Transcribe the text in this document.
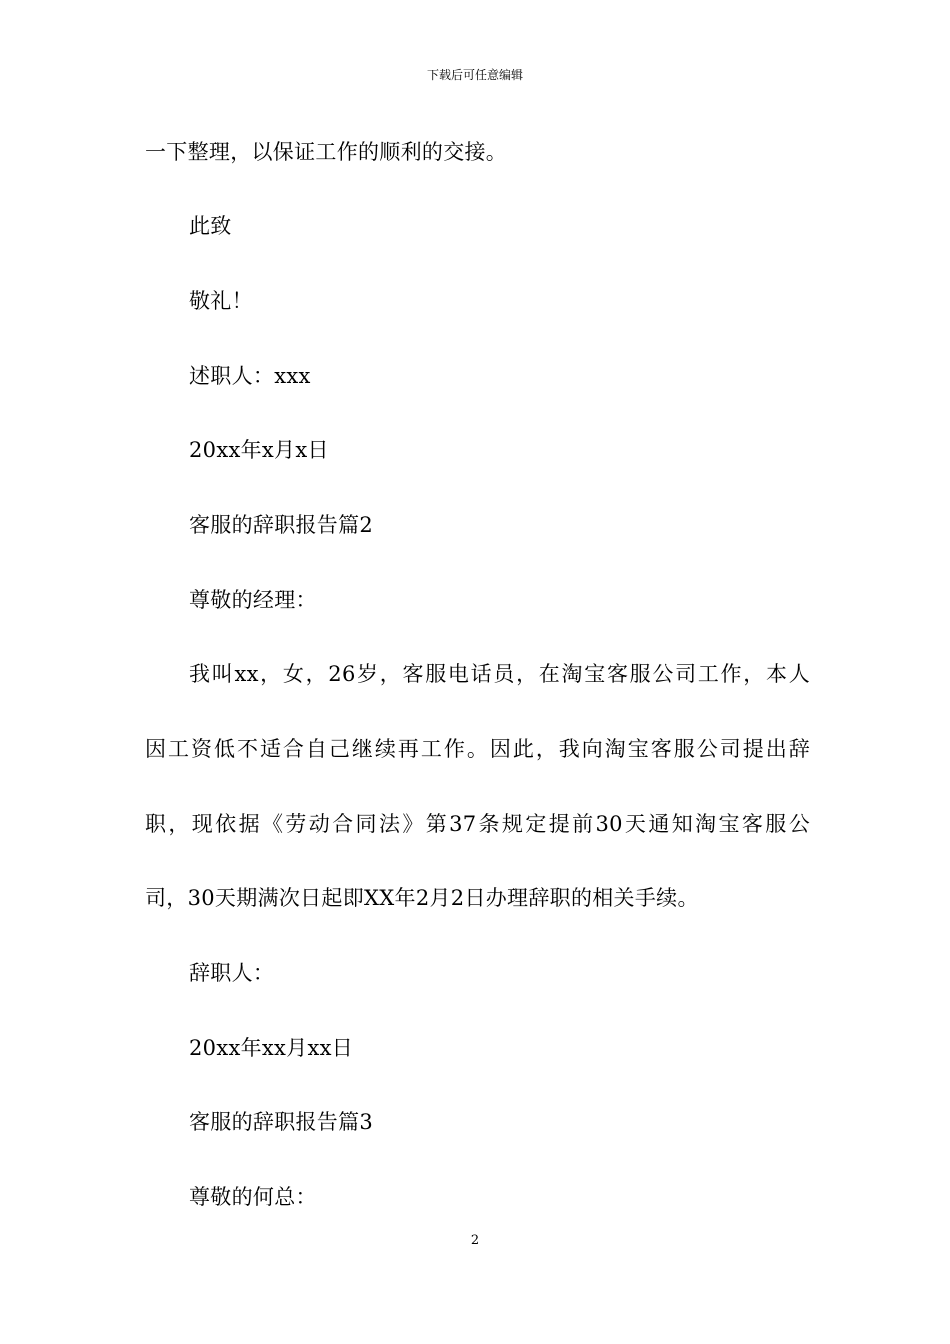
下载后可任意编辑
一下整理，以保证工作的顺利的交接。
此致
敬礼！
述职人：xxx
20xx年x月x日
客服的辞职报告篇2
尊敬的经理：
我叫xx，女，26岁，客服电话员，在淘宝客服公司工作，本人
因工资低不适合自己继续再工作。因此，我向淘宝客服公司提出辞
职，现依据《劳动合同法》第37条规定提前30天通知淘宝客服公
司，30天期满次日起即XX年2月2日办理辞职的相关手续。
辞职人：
20xx年xx月xx日
客服的辞职报告篇3
尊敬的何总：
2
